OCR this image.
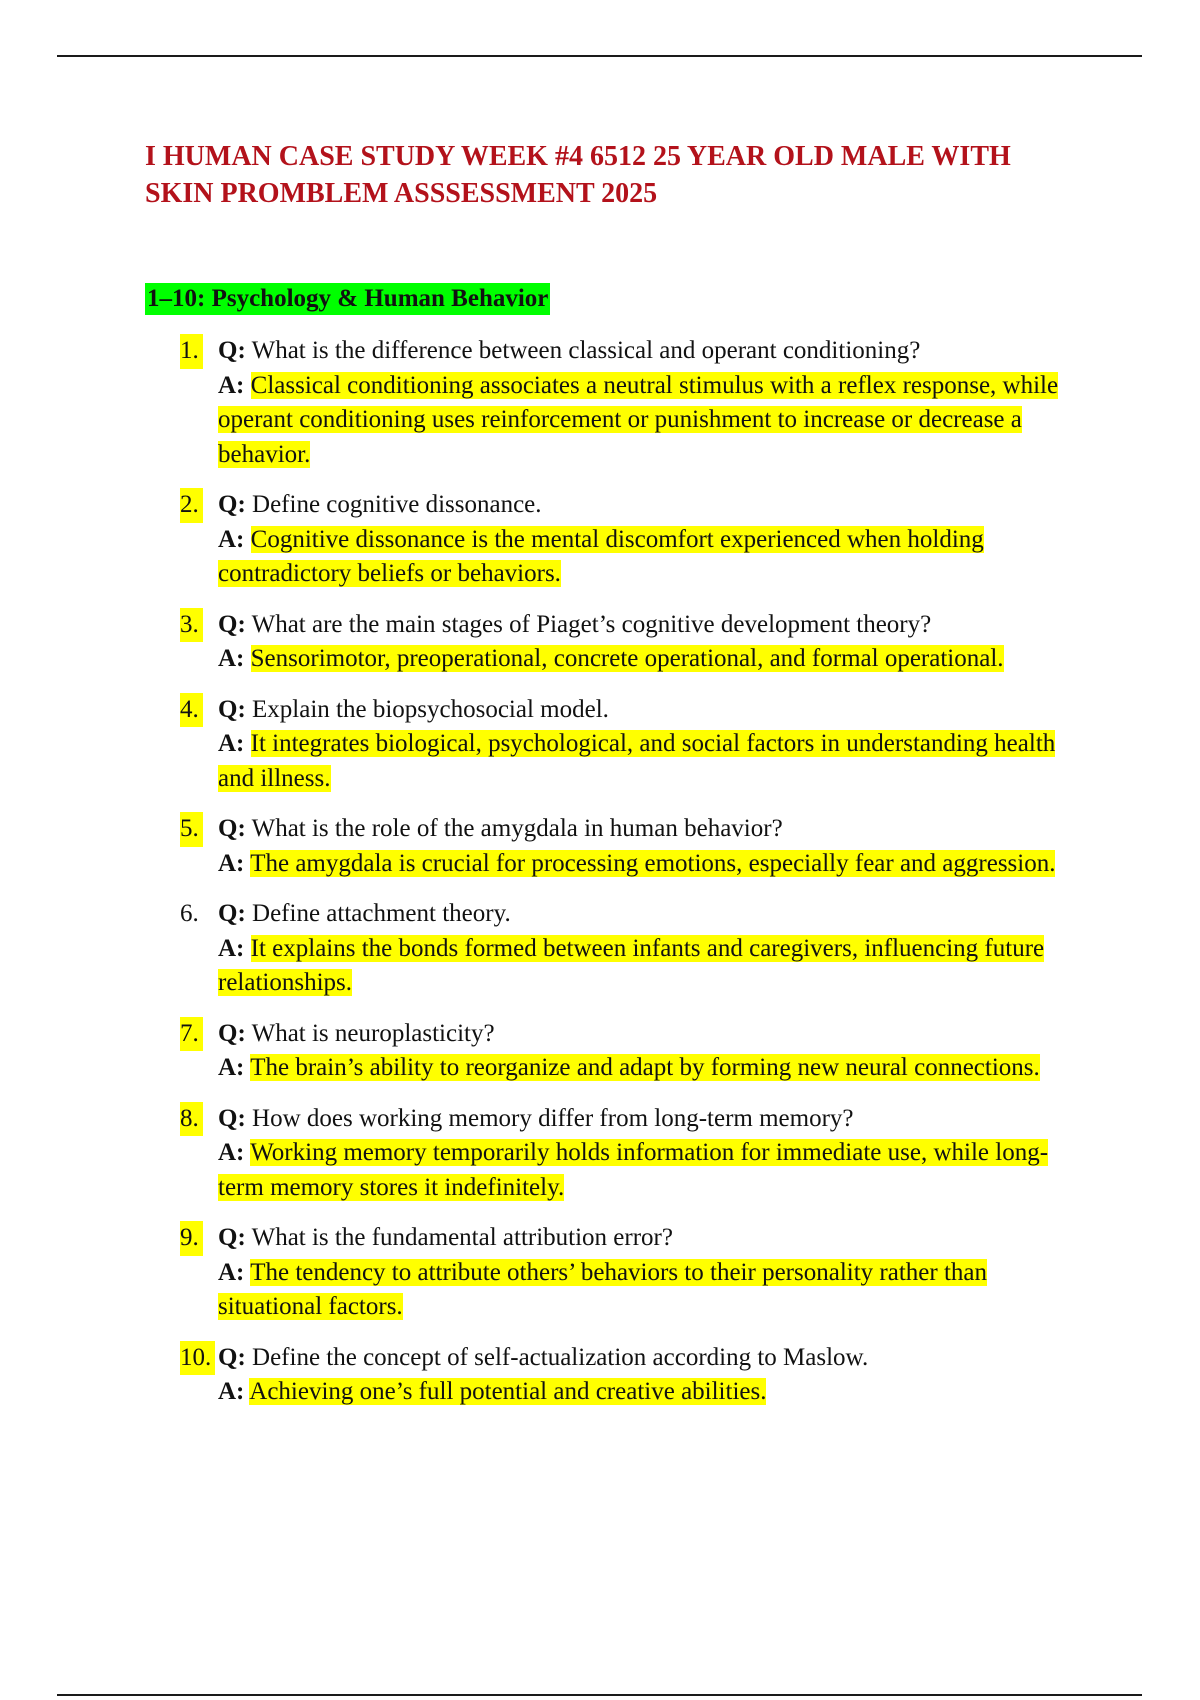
I HUMAN CASE STUDY WEEK #4 6512 25 YEAR OLD MALE WITH SKIN PROMBLEM ASSSESSMENT 2025
1–10: Psychology & Human Behavior
1. Q: What is the difference between classical and operant conditioning?
A: Classical conditioning associates a neutral stimulus with a reflex response, while operant conditioning uses reinforcement or punishment to increase or decrease a behavior.
2. Q: Define cognitive dissonance.
A: Cognitive dissonance is the mental discomfort experienced when holding contradictory beliefs or behaviors.
3. Q: What are the main stages of Piaget’s cognitive development theory?
A: Sensorimotor, preoperational, concrete operational, and formal operational.
4. Q: Explain the biopsychosocial model.
A: It integrates biological, psychological, and social factors in understanding health and illness.
5. Q: What is the role of the amygdala in human behavior?
A: The amygdala is crucial for processing emotions, especially fear and aggression.
6. Q: Define attachment theory.
A: It explains the bonds formed between infants and caregivers, influencing future relationships.
7. Q: What is neuroplasticity?
A: The brain’s ability to reorganize and adapt by forming new neural connections.
8. Q: How does working memory differ from long-term memory?
A: Working memory temporarily holds information for immediate use, while long-term memory stores it indefinitely.
9. Q: What is the fundamental attribution error?
A: The tendency to attribute others’ behaviors to their personality rather than situational factors.
10. Q: Define the concept of self-actualization according to Maslow.
A: Achieving one’s full potential and creative abilities.
